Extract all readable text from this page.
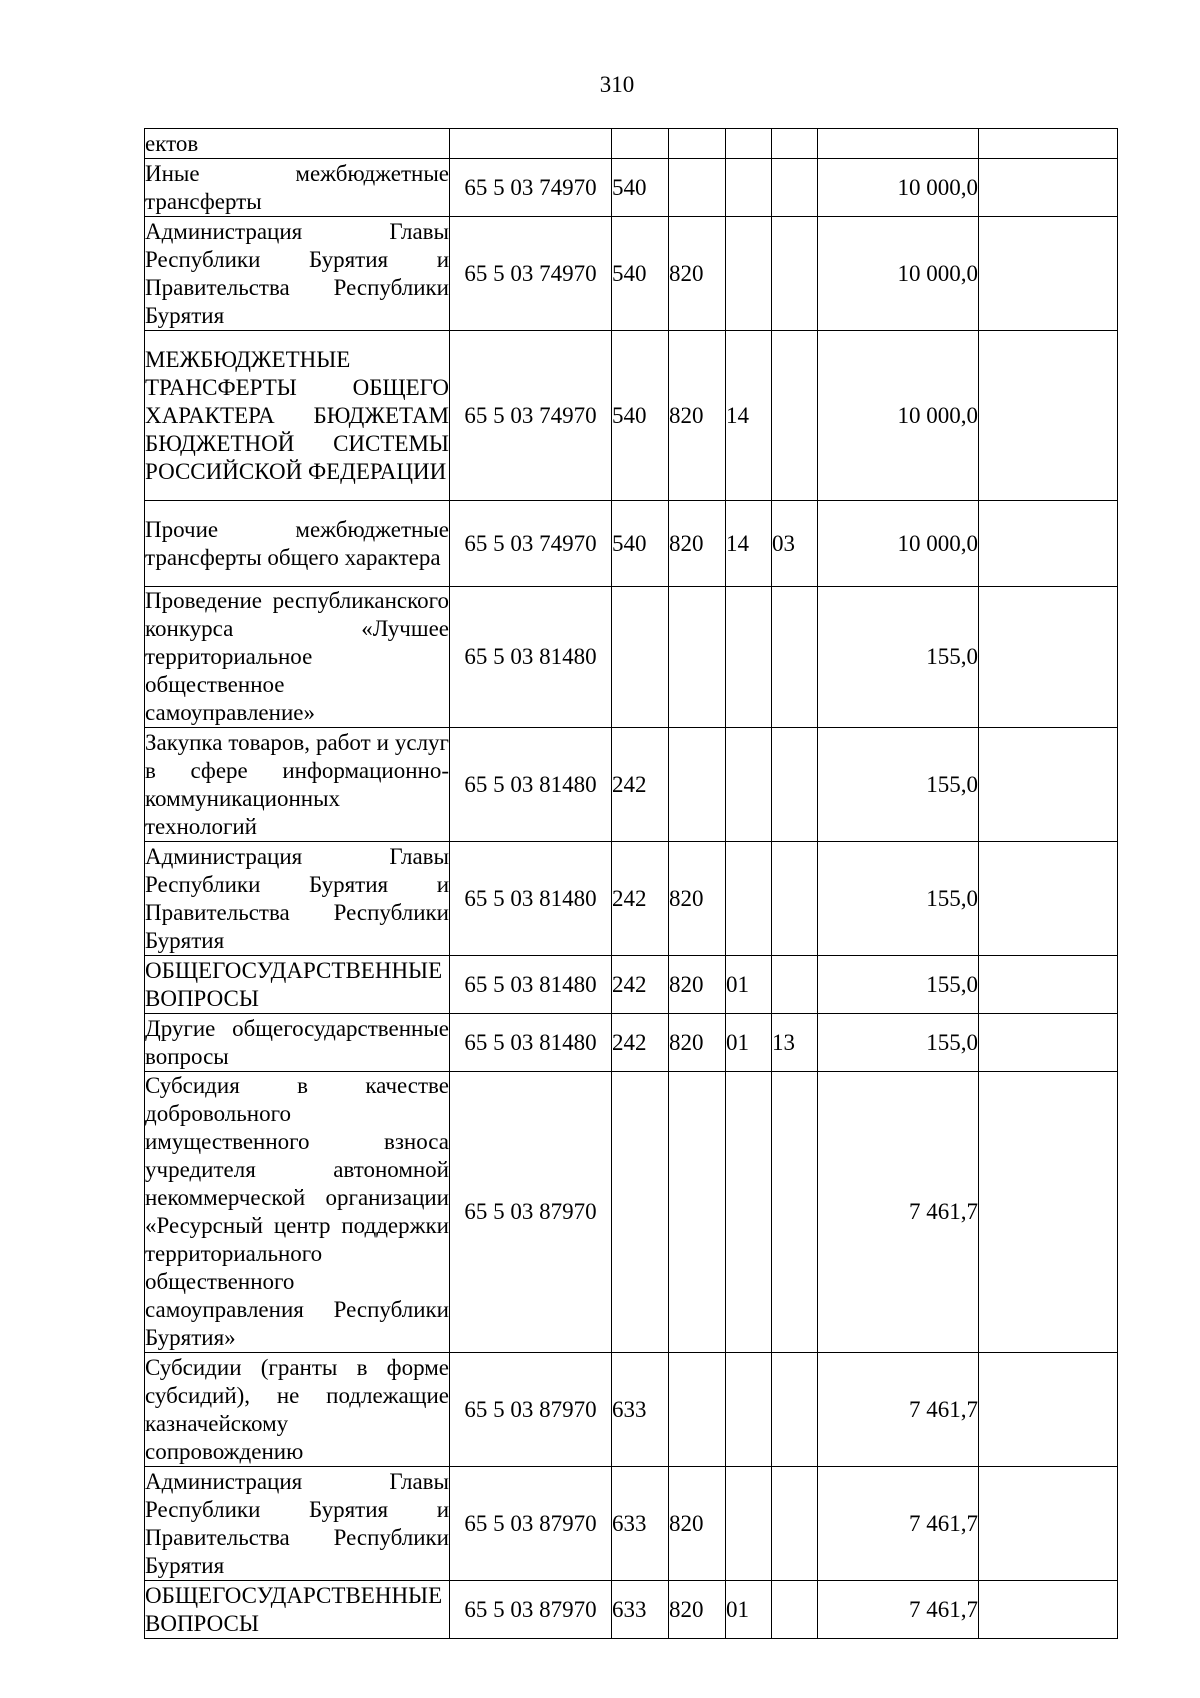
310
ектов							
Иные межбюджетные трансферты	65 5 03 74970	540				10 000,0	
Администрация Главы Республики Бурятия и Правительства Республики Бурятия	65 5 03 74970	540	820			10 000,0	
МЕЖБЮДЖЕТНЫЕ ТРАНСФЕРТЫ ОБЩЕГО ХАРАКТЕРА БЮДЖЕТАМ БЮДЖЕТНОЙ СИСТЕМЫ РОССИЙСКОЙ ФЕДЕРАЦИИ	65 5 03 74970	540	820	14		10 000,0	
Прочие межбюджетные трансферты общего характера	65 5 03 74970	540	820	14	03	10 000,0	
Проведение республиканского конкурса «Лучшее территориальное общественное самоуправление»	65 5 03 81480					155,0	
Закупка товаров, работ и услуг в сфере информационно-коммуникационных технологий	65 5 03 81480	242				155,0	
Администрация Главы Республики Бурятия и Правительства Республики Бурятия	65 5 03 81480	242	820			155,0	
ОБЩЕГОСУДАРСТВЕННЫЕ ВОПРОСЫ	65 5 03 81480	242	820	01		155,0	
Другие общегосударственные вопросы	65 5 03 81480	242	820	01	13	155,0	
Субсидия в качестве добровольного имущественного взноса учредителя автономной некоммерческой организации «Ресурсный центр поддержки территориального общественного самоуправления Республики Бурятия»	65 5 03 87970					7 461,7	
Субсидии (гранты в форме субсидий), не подлежащие казначейскому сопровождению	65 5 03 87970	633				7 461,7	
Администрация Главы Республики Бурятия и Правительства Республики Бурятия	65 5 03 87970	633	820			7 461,7	
ОБЩЕГОСУДАРСТВЕННЫЕ ВОПРОСЫ	65 5 03 87970	633	820	01		7 461,7	
